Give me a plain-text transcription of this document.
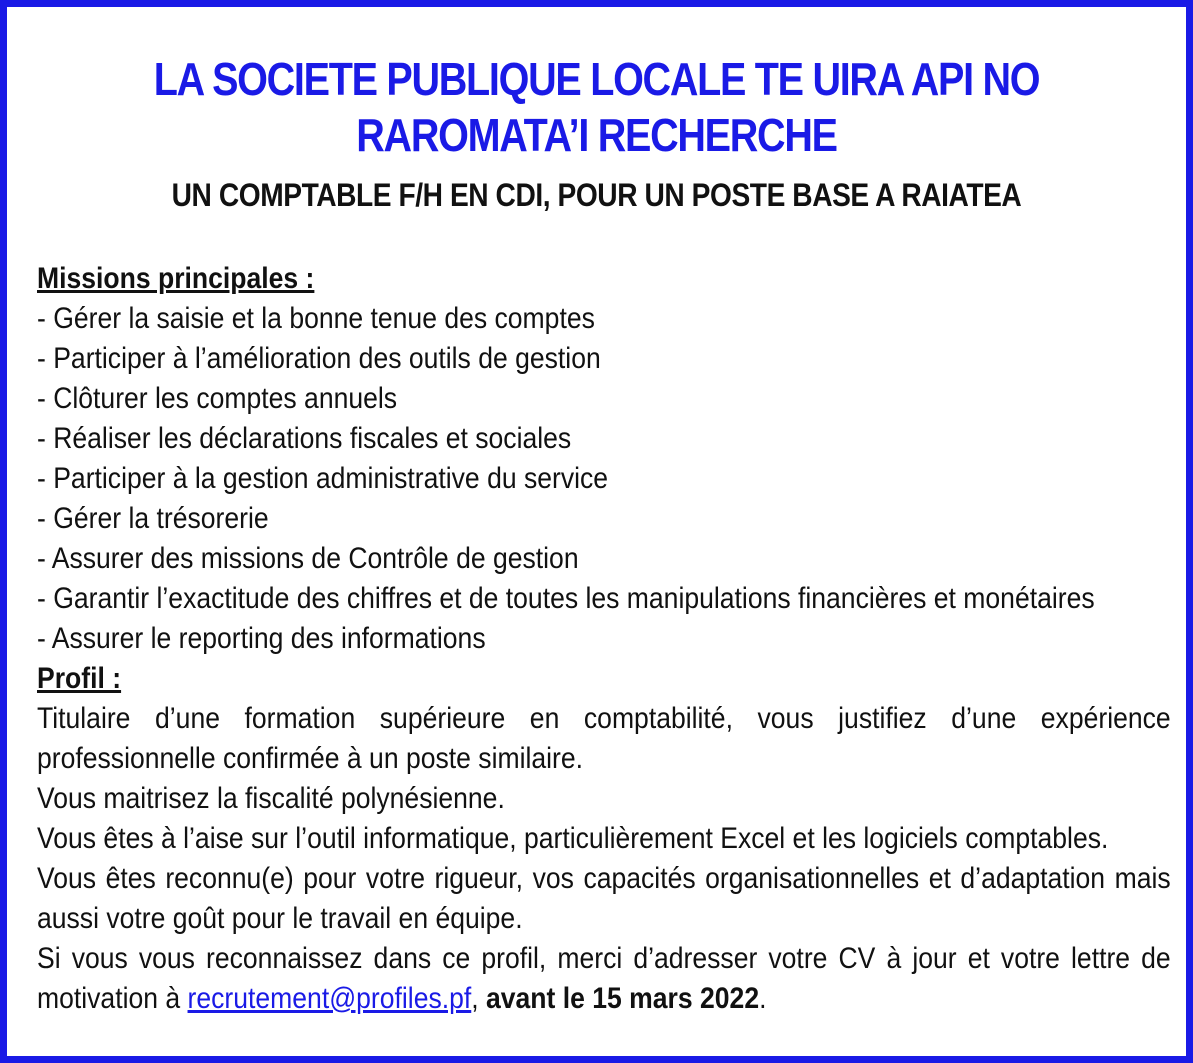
LA SOCIETE PUBLIQUE LOCALE TE UIRA API NO
RAROMATA’I RECHERCHE
UN COMPTABLE F/H EN CDI, POUR UN POSTE BASE A RAIATEA

Missions principales :

- Gérer la saisie et la bonne tenue des comptes

- Participer à l’amélioration des outils de gestion

- Clôturer les comptes annuels

- Réaliser les déclarations fiscales et sociales

- Participer à la gestion administrative du service

- Gérer la trésorerie

- Assurer des missions de Contrôle de gestion

- Garantir l’exactitude des chiffres et de toutes les manipulations financières et monétaires

- Assurer le reporting des informations

Profil :

Titulaire d’une formation supérieure en comptabilité, vous justifiez d’une expérience professionnelle confirmée à un poste similaire.

Vous maitrisez la fiscalité polynésienne.

Vous êtes à l’aise sur l’outil informatique, particulièrement Excel et les logiciels comptables.

Vous êtes reconnu(e) pour votre rigueur, vos capacités organisationnelles et d’adaptation mais aussi votre goût pour le travail en équipe.

Si vous vous reconnaissez dans ce profil, merci d’adresser votre CV à jour et votre lettre de motivation à recrutement@profiles.pf, avant le 15 mars 2022.
